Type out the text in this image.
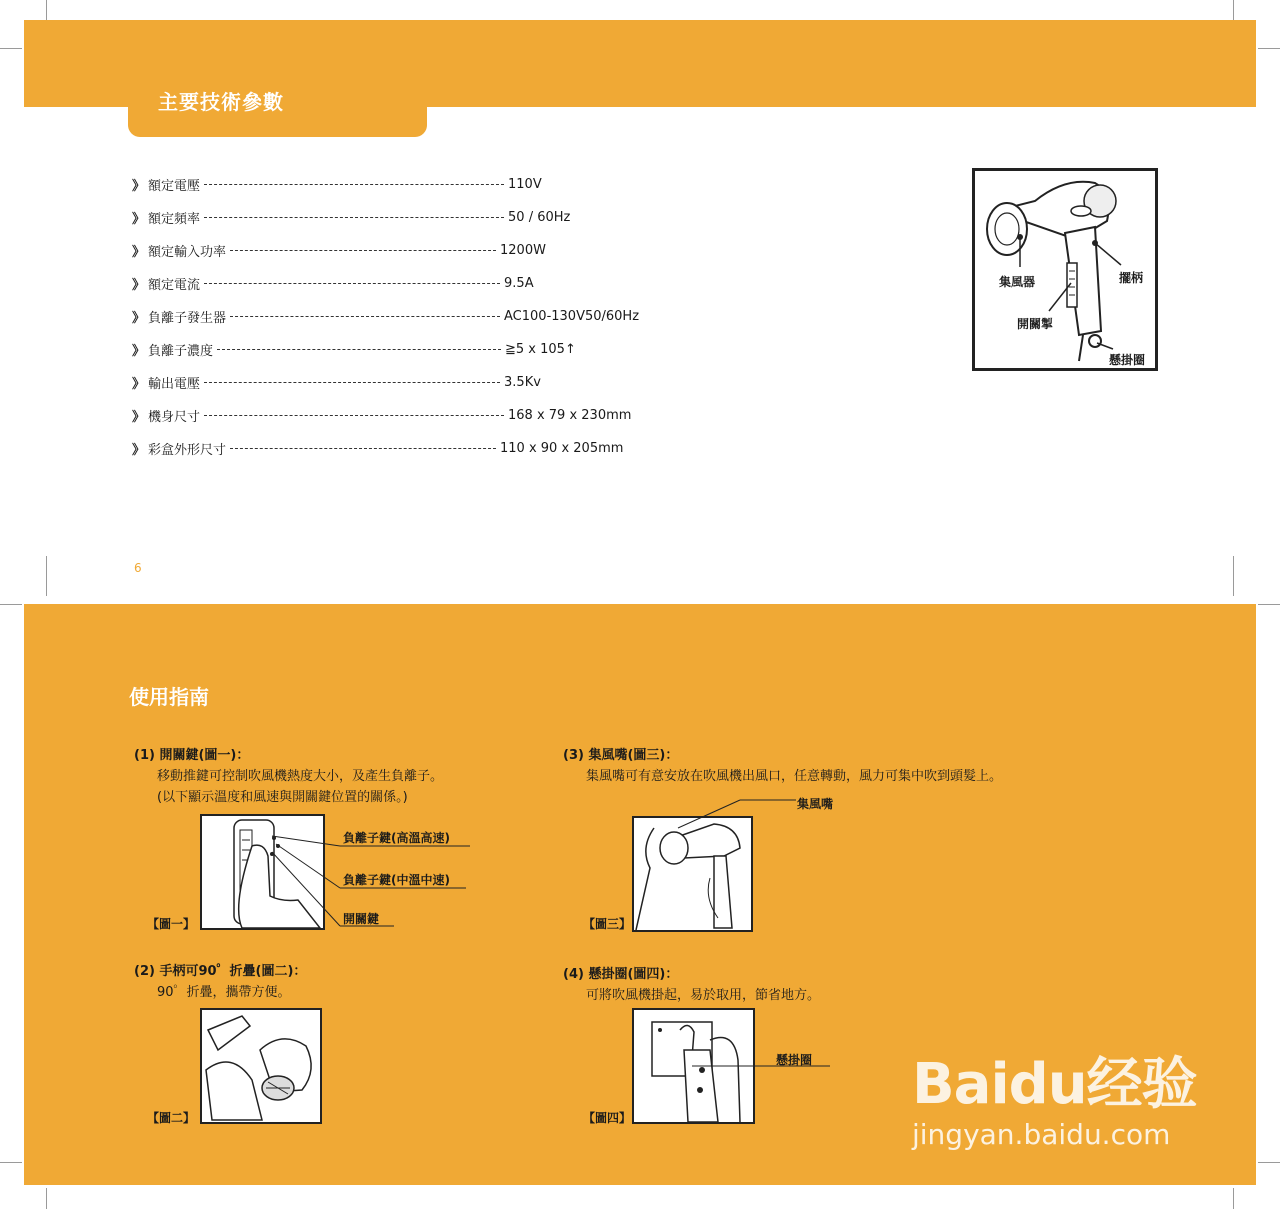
主要技術參數
》 額定電壓	110V
》 額定頻率	50 / 60Hz
》 額定輸入功率	1200W
》 額定電流	9.5A
》 負離子發生器	AC100-130V50/60Hz
》 負離子濃度	≧5 x 105↑
》 輸出電壓	3.5Kv
》 機身尺寸	168 x 79 x 230mm
》 彩盒外形尺寸	110 x 90 x 205mm
集風器	擺柄
開關掣
懸掛圈
6
使用指南
(1) 開關鍵(圖一)：
移動推鍵可控制吹風機熱度大小，及產生負離子。
(以下顯示溫度和風速與開關鍵位置的關係。)
負離子鍵(高溫高速)
負離子鍵(中溫中速)
開關鍵
【圖一】
(2) 手柄可90゜折疊(圖二)：
90゜折疊，攜帶方便。
【圖二】
(3) 集風嘴(圖三)：
集風嘴可有意安放在吹風機出風口，任意轉動，風力可集中吹到頭髮上。
集風嘴
【圖三】
(4) 懸掛圈(圖四)：
可將吹風機掛起，易於取用，節省地方。
懸掛圈
【圖四】
Baidu经验
jingyan.baidu.com
